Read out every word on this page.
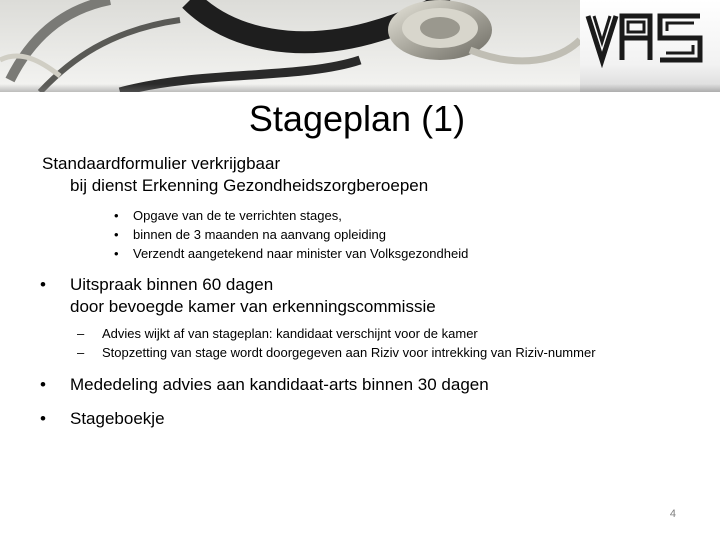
Stageplan (1)
Standaardformulier verkrijgbaar
bij dienst Erkenning Gezondheidszorgberoepen
• Opgave van de te verrichten stages,
• binnen de 3 maanden na aanvang opleiding
• Verzendt aangetekend naar minister van Volksgezondheid
•	Uitspraak binnen 60 dagen
door bevoegde kamer van erkenningscommissie
– Advies wijkt af van stageplan: kandidaat verschijnt voor de kamer
– Stopzetting van stage wordt doorgegeven aan Riziv voor intrekking van Riziv-nummer
•	Mededeling advies aan kandidaat-arts binnen 30 dagen
•	Stageboekje
4
